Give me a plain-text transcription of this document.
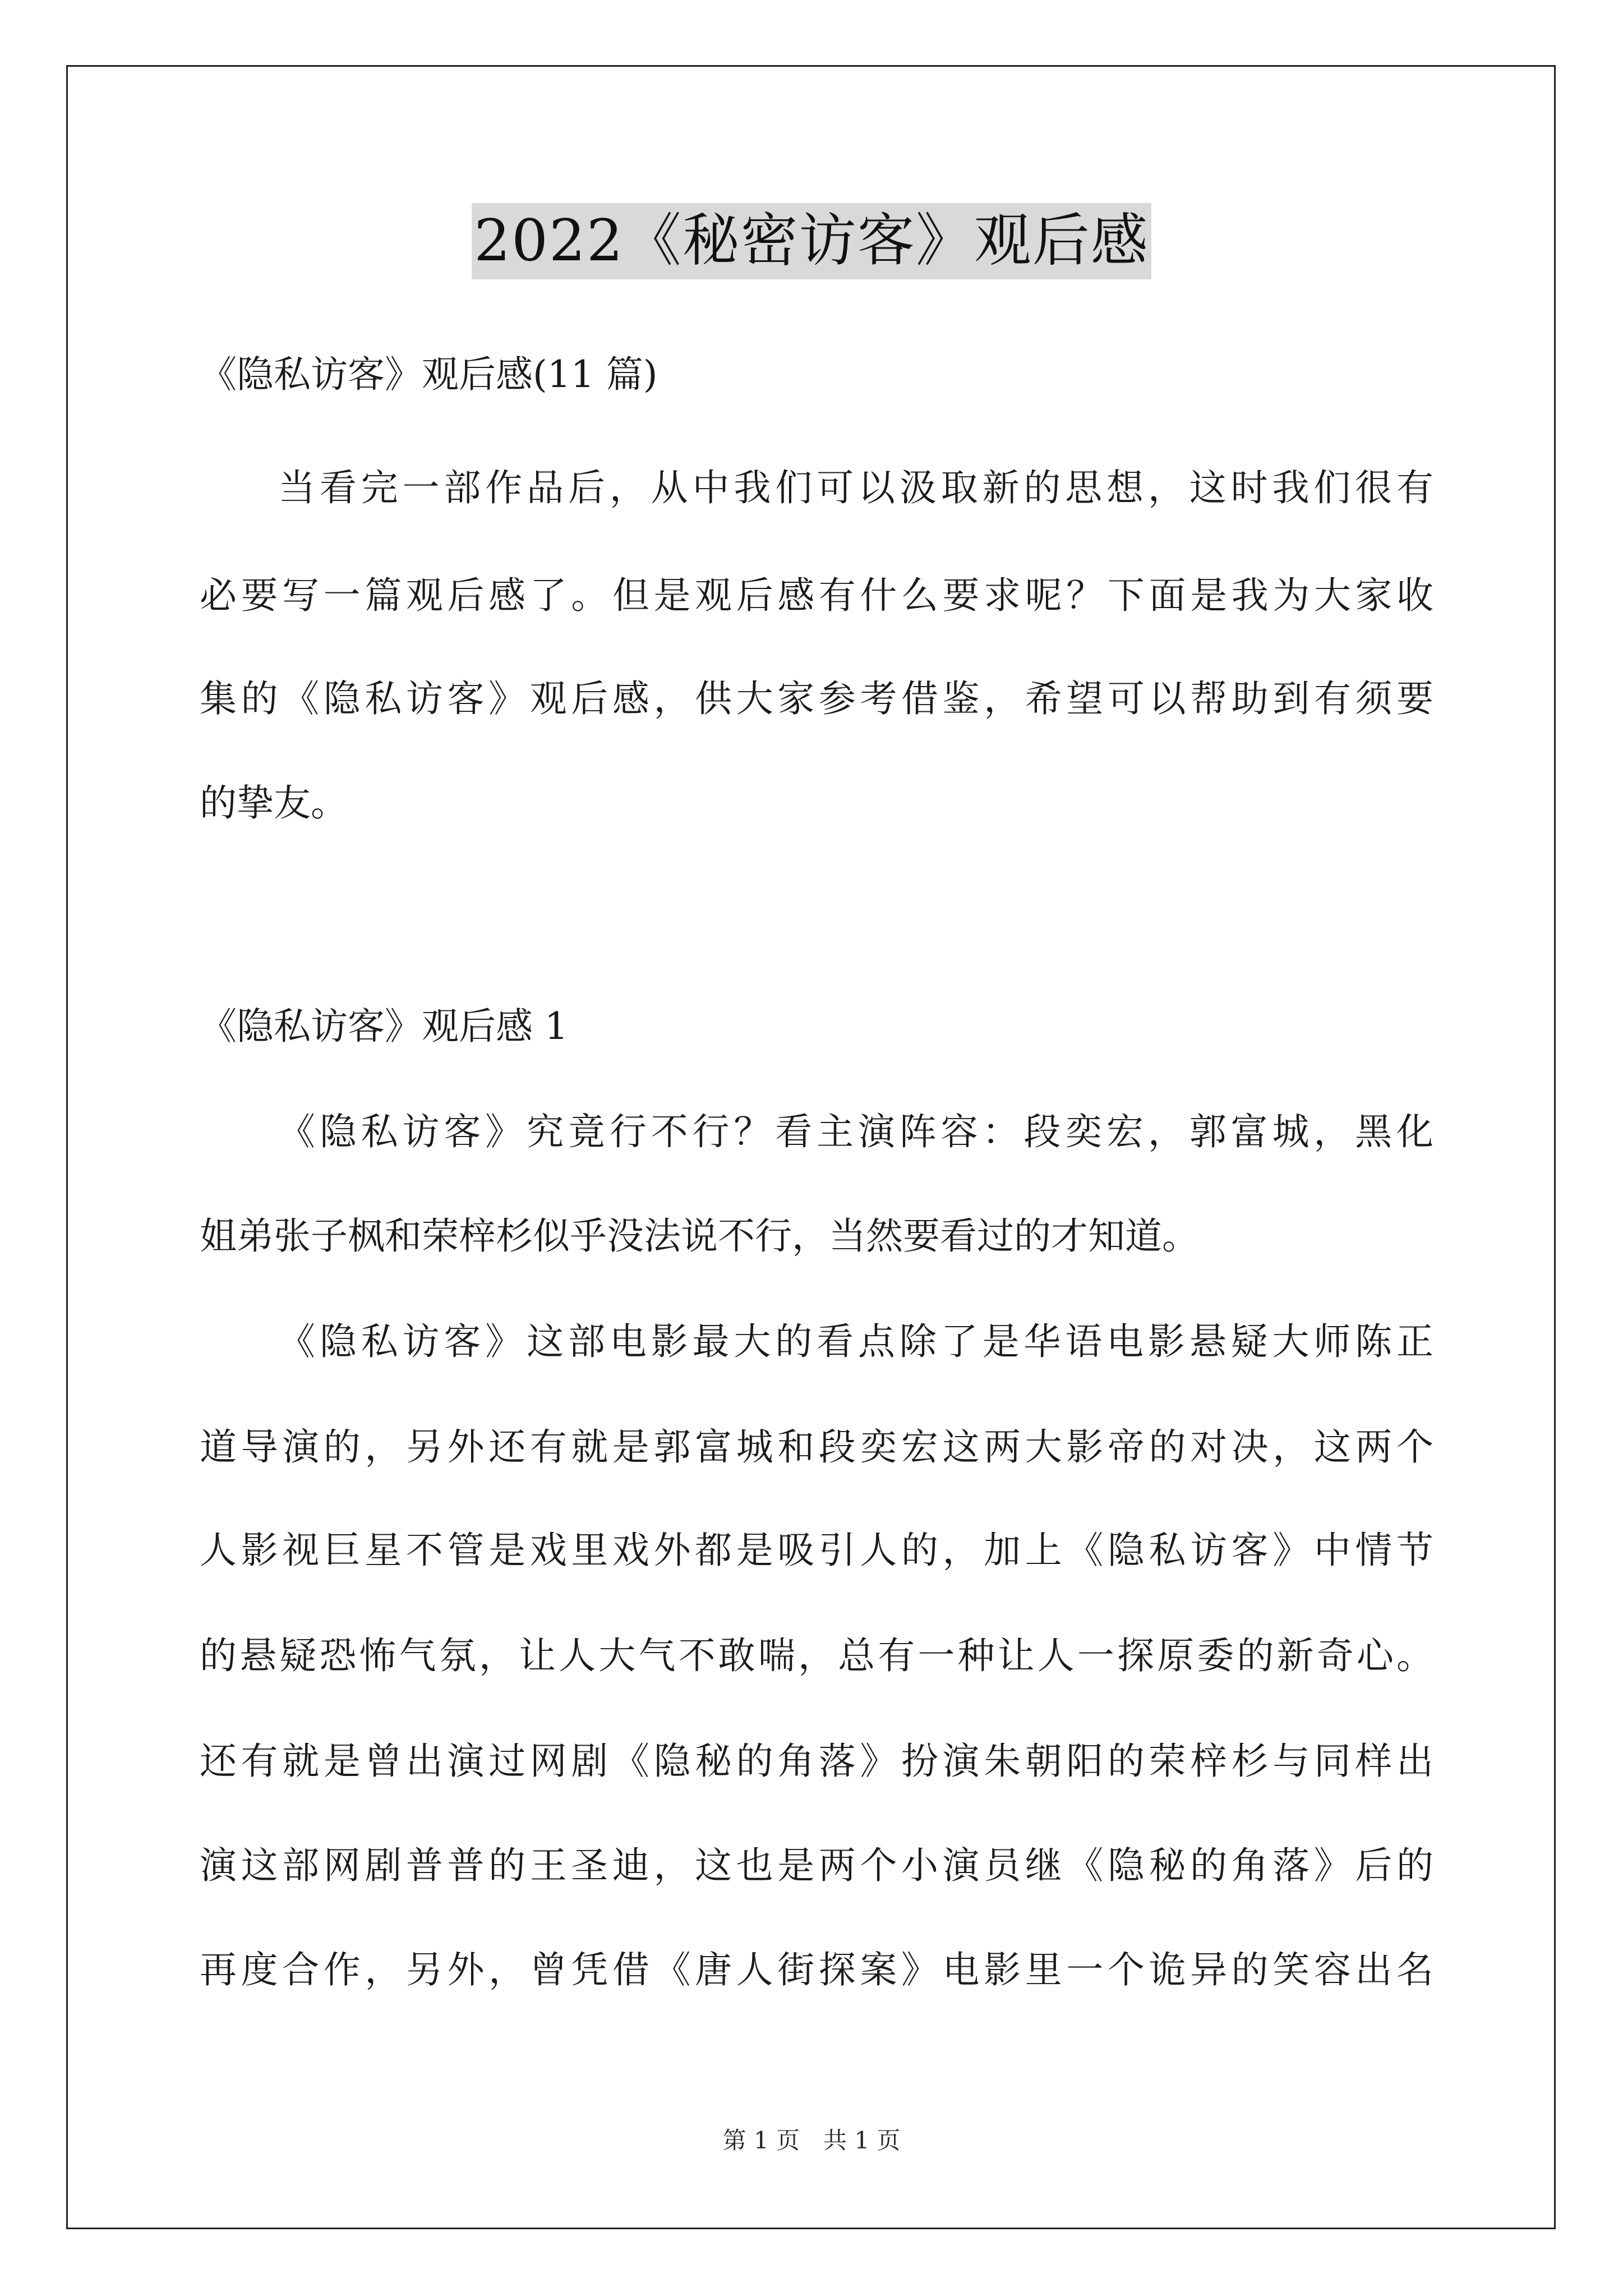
2022《秘密访客》观后感
《隐私访客》观后感(11 篇)
当看完一部作品后，从中我们可以汲取新的思想，这时我们很有
必要写一篇观后感了。但是观后感有什么要求呢？下面是我为大家收
集的《隐私访客》观后感，供大家参考借鉴，希望可以帮助到有须要
的挚友。
《隐私访客》观后感 1
《隐私访客》究竟行不行？看主演阵容：段奕宏，郭富城，黑化
姐弟张子枫和荣梓杉似乎没法说不行，当然要看过的才知道。
《隐私访客》这部电影最大的看点除了是华语电影悬疑大师陈正
道导演的，另外还有就是郭富城和段奕宏这两大影帝的对决，这两个
人影视巨星不管是戏里戏外都是吸引人的，加上《隐私访客》中情节
的悬疑恐怖气氛，让人大气不敢喘，总有一种让人一探原委的新奇心。
还有就是曾出演过网剧《隐秘的角落》扮演朱朝阳的荣梓杉与同样出
演这部网剧普普的王圣迪，这也是两个小演员继《隐秘的角落》后的
再度合作，另外，曾凭借《唐人街探案》电影里一个诡异的笑容出名
第 1 页　共 1 页
